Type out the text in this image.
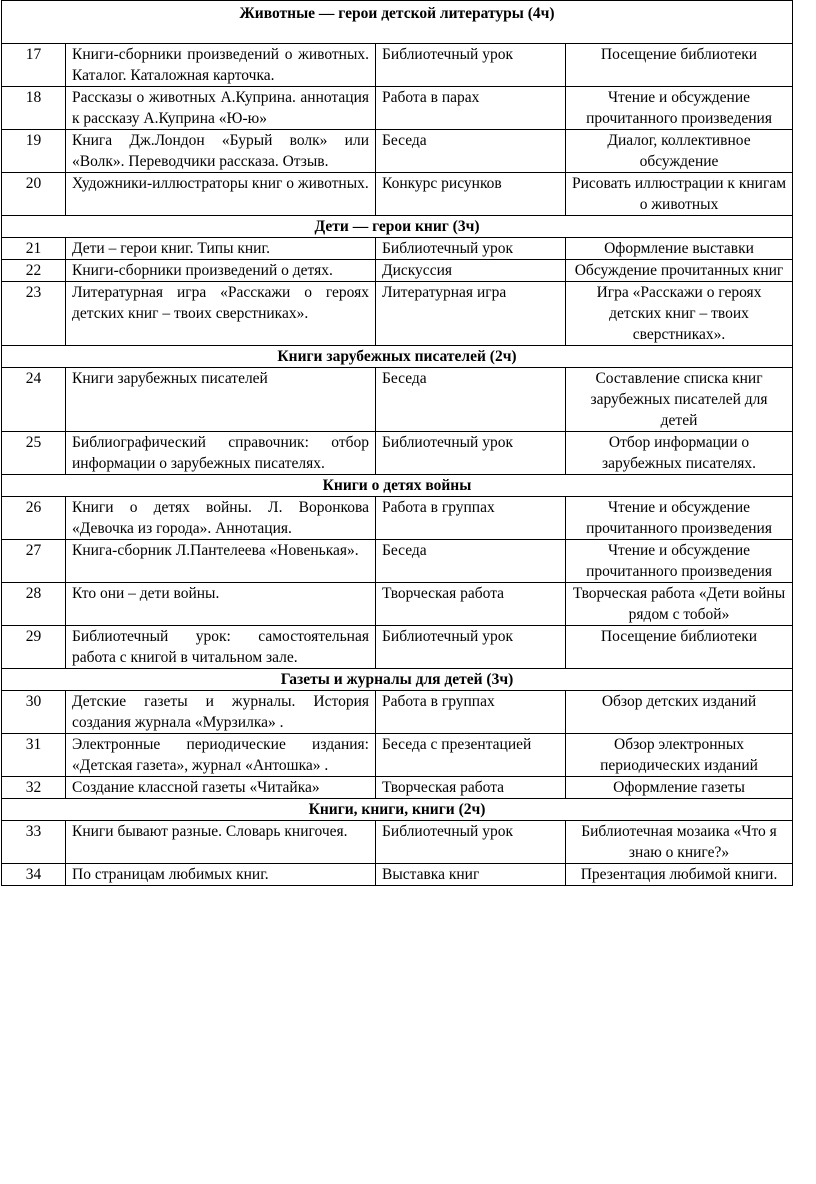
Животные — герои детской литературы (4ч)			
17	Книги-сборники произведений о животных. Каталог. Каталожная карточка.	Библиотечный урок	Посещение библиотеки
18	Рассказы о животных А.Куприна. аннотация к рассказу А.Куприна «Ю-ю»	Работа в парах	Чтение и обсуждение прочитанного произведения
19	Книга Дж.Лондон «Бурый волк» или «Волк». Переводчики рассказа. Отзыв.	Беседа	Диалог, коллективное обсуждение
20	Художники-иллюстраторы книг о животных.	Конкурс рисунков	Рисовать иллюстрации к книгам о животных
Дети — герои книг (3ч)			
21	Дети – герои книг. Типы книг.	Библиотечный урок	Оформление выставки
22	Книги-сборники произведений о детях.	Дискуссия	Обсуждение прочитанных книг
23	Литературная игра «Расскажи о героях детских книг – твоих сверстниках».	Литературная игра	Игра «Расскажи о героях детских книг – твоих сверстниках».
Книги зарубежных писателей (2ч)			
24	Книги зарубежных писателей	Беседа	Составление списка книг зарубежных писателей для детей
25	Библиографический справочник: отбор информации о зарубежных писателях.	Библиотечный урок	Отбор информации о зарубежных писателях.
Книги о детях войны			
26	Книги о детях войны. Л. Воронкова «Девочка из города». Аннотация.	Работа в группах	Чтение и обсуждение прочитанного произведения
27	Книга-сборник Л.Пантелеева «Новенькая».	Беседа	Чтение и обсуждение прочитанного произведения
28	Кто они – дети войны.	Творческая работа	Творческая работа «Дети войны рядом с тобой»
29	Библиотечный урок: самостоятельная работа с книгой в читальном зале.	Библиотечный урок	Посещение библиотеки
Газеты и журналы для детей (3ч)			
30	Детские газеты и журналы. История создания журнала «Мурзилка» .	Работа в группах	Обзор детских изданий
31	Электронные периодические издания: «Детская газета», журнал «Антошка» .	Беседа с презентацией	Обзор электронных периодических изданий
32	Создание классной газеты «Читайка»	Творческая работа	Оформление газеты
Книги, книги, книги (2ч)			
33	Книги бывают разные. Словарь книгочея.	Библиотечный урок	Библиотечная мозаика «Что я знаю о книге?»
34	По страницам любимых книг.	Выставка книг	Презентация любимой книги.
